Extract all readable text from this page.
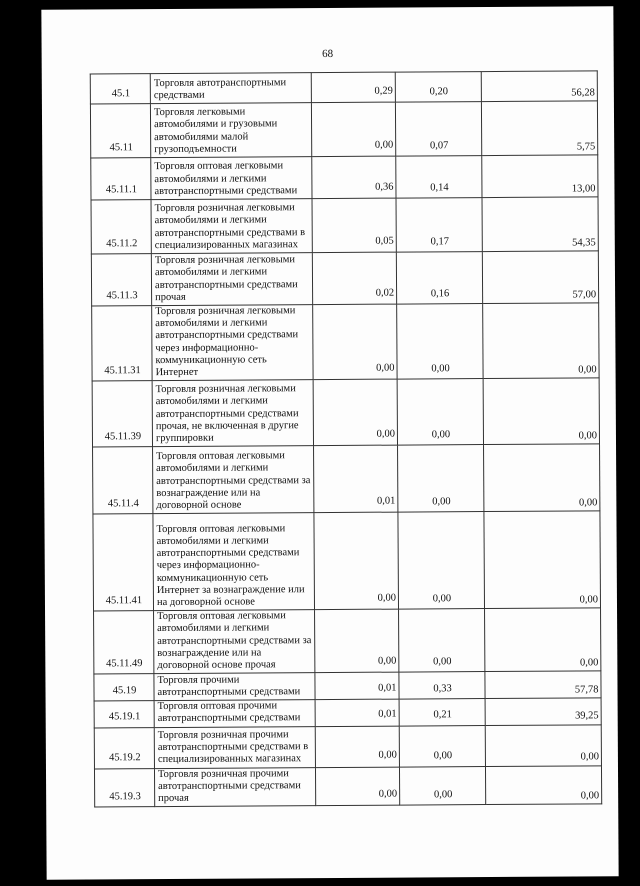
68
45.1	Торговля автотранспортными средствами	0,29	0,20	56,28
45.11	Торговля легковыми автомобилями и грузовыми автомобилями малой грузоподъемности	0,00	0,07	5,75
45.11.1	Торговля оптовая легковыми автомобилями и легкими автотранспортными средствами	0,36	0,14	13,00
45.11.2	Торговля розничная легковыми автомобилями и легкими автотранспортными средствами в специализированных магазинах	0,05	0,17	54,35
45.11.3	Торговля розничная легковыми автомобилями и легкими автотранспортными средствами прочая	0,02	0,16	57,00
45.11.31	Торговля розничная легковыми автомобилями и легкими автотранспортными средствами через информационно-коммуникационную сеть Интернет	0,00	0,00	0,00
45.11.39	Торговля розничная легковыми автомобилями и легкими автотранспортными средствами прочая, не включенная в другие группировки	0,00	0,00	0,00
45.11.4	Торговля оптовая легковыми автомобилями и легкими автотранспортными средствами за вознаграждение или на договорной основе	0,01	0,00	0,00
45.11.41	Торговля оптовая легковыми автомобилями и легкими автотранспортными средствами через информационно-коммуникационную сеть Интернет за вознаграждение или на договорной основе	0,00	0,00	0,00
45.11.49	Торговля оптовая легковыми автомобилями и легкими автотранспортными средствами за вознаграждение или на договорной основе прочая	0,00	0,00	0,00
45.19	Торговля прочими автотранспортными средствами	0,01	0,33	57,78
45.19.1	Торговля оптовая прочими автотранспортными средствами	0,01	0,21	39,25
45.19.2	Торговля розничная прочими автотранспортными средствами в специализированных магазинах	0,00	0,00	0,00
45.19.3	Торговля розничная прочими автотранспортными средствами прочая	0,00	0,00	0,00
